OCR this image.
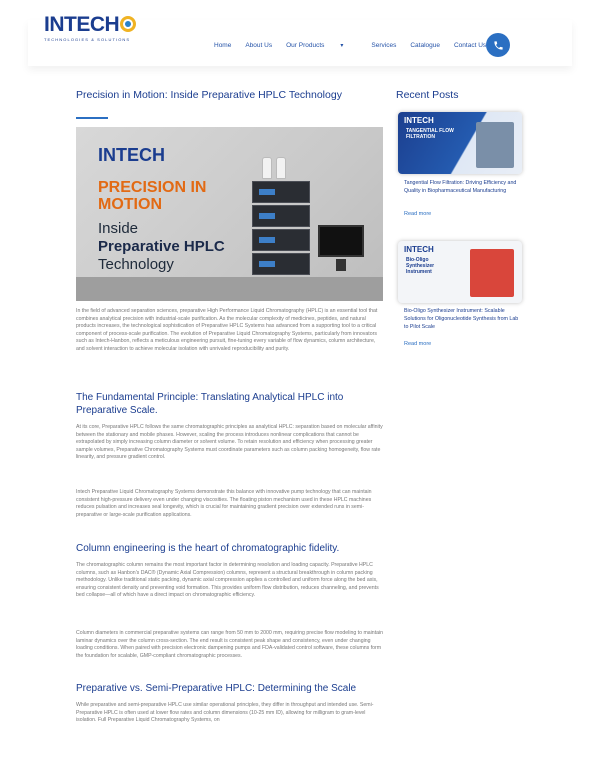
INTECH
TECHNOLOGIES & SOLUTIONS
Home About Us Our Products	▾	Services Catalogue Contact Us
Precision in Motion: Inside Preparative HPLC Technology
INTECH
PRECISION IN MOTION
Inside
Preparative HPLC
Technology
In the field of advanced separation sciences, preparative High Performance Liquid Chromatography (HPLC) is an essential tool that combines analytical precision with industrial-scale purification. As the molecular complexity of medicines, peptides, and natural products increases, the technological sophistication of Preparative HPLC Systems has advanced from a supporting tool to a critical component of process-scale purification. The evolution of Preparative Liquid Chromatography Systems, particularly from innovators such as Intech-Hanbon, reflects a meticulous engineering pursuit, fine-tuning every variable of flow dynamics, column architecture, and solvent interaction to achieve molecular isolation with unrivaled reproducibility and purity.
The Fundamental Principle: Translating Analytical HPLC into Preparative Scale.
At its core, Preparative HPLC follows the same chromatographic principles as analytical HPLC: separation based on molecular affinity between the stationary and mobile phases. However, scaling the process introduces nonlinear complications that cannot be extrapolated by simply increasing column diameter or solvent volume. To retain resolution and efficiency when processing greater sample volumes, Preparative Chromatography Systems must coordinate parameters such as column packing homogeneity, flow rate linearity, and pressure gradient control.
Intech Preparative Liquid Chromatography Systems demonstrate this balance with innovative pump technology that can maintain consistent high-pressure delivery even under changing viscosities. The floating piston mechanism used in these HPLC machines reduces pulsation and increases seal longevity, which is crucial for maintaining gradient precision over extended runs in semi-preparative or large-scale purification applications.
Column engineering is the heart of chromatographic fidelity.
The chromatographic column remains the most important factor in determining resolution and loading capacity. Preparative HPLC columns, such as Hanbon's DAC® (Dynamic Axial Compression) columns, represent a structural breakthrough in column packing methodology. Unlike traditional static packing, dynamic axial compression applies a controlled and uniform force along the bed axis, ensuring consistent density and preventing void formation. This provides uniform flow distribution, reduces channeling, and prevents bed collapse—all of which have a direct impact on chromatographic efficiency.
Column diameters in commercial preparative systems can range from 50 mm to 2000 mm, requiring precise flow modeling to maintain laminar dynamics over the column cross-section. The end result is consistent peak shape and consistency, even under changing loading conditions. When paired with precision electronic dampening pumps and FDA-validated control software, these columns form the foundation for scalable, GMP-compliant chromatographic processes.
Preparative vs. Semi-Preparative HPLC: Determining the Scale
While preparative and semi-preparative HPLC use similar operational principles, they differ in throughput and intended use. Semi-Preparative HPLC is often used at lower flow rates and column dimensions (10-25 mm ID), allowing for milligram to gram-level isolation. Full Preparative Liquid Chromatography Systems, on
Recent Posts
INTECH
TANGENTIAL FLOW FILTRATION
Tangential Flow Filtration: Driving Efficiency and Quality in Biopharmaceutical Manufacturing
Read more
INTECH
Bio-Oligo Synthesizer Instrument
Bio-Oligo Synthesizer Instrument: Scalable Solutions for Oligonucleotide Synthesis from Lab to Pilot Scale
Read more
